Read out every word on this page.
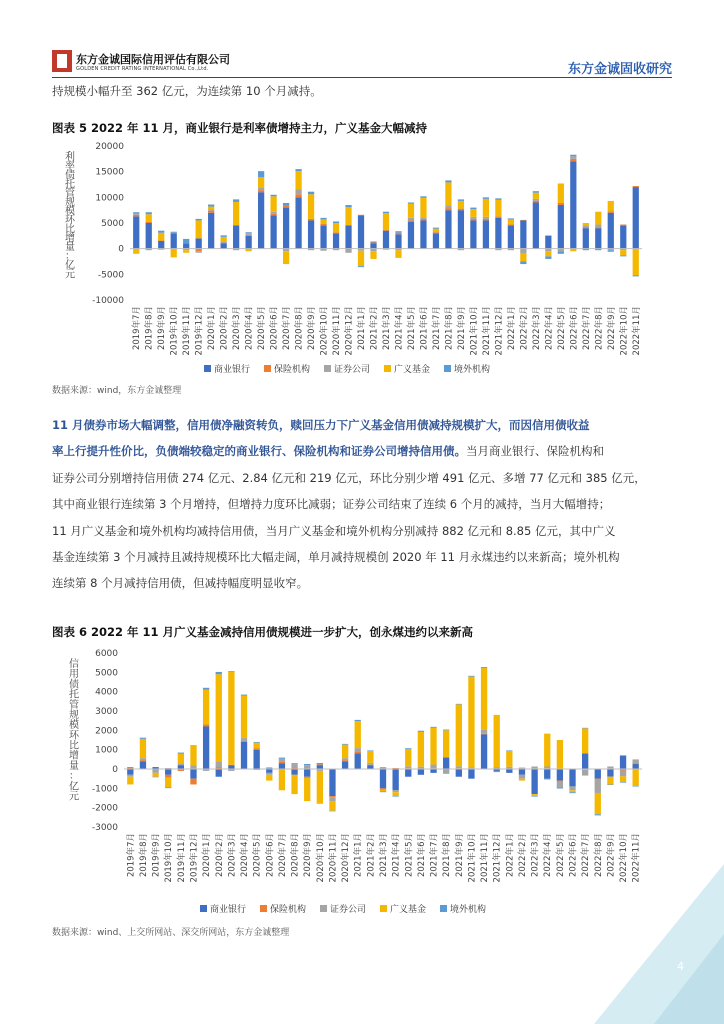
东方金诚国际信用评估有限公司
GOLDEN CREDIT RATING INTERNATIONAL Co.,Ltd.	东方金诚固收研究
持规模小幅升至 362 亿元，为连续第 10 个月减持。
图表 5 2022 年 11 月，商业银行是利率债增持主力，广义基金大幅减持
-10000
-5000
0
5000
10000
15000
20000
利率债托管规模环比增量：亿元
2019年7月 2019年8月 2019年9月 2019年10月 2019年11月 2019年12月 2020年1月 2020年2月 2020年3月 2020年4月 2020年5月 2020年6月 2020年7月 2020年8月 2020年9月 2020年10月 2020年11月 2020年12月 2021年1月 2021年2月 2021年3月 2021年4月 2021年5月 2021年6月 2021年7月 2021年8月 2021年9月 2021年10月 2021年11月 2021年12月 2022年1月 2022年2月 2022年3月 2022年4月 2022年5月 2022年6月 2022年7月 2022年8月 2022年9月 2022年10月 2022年11月
商业银行	保险机构	证券公司	广义基金	境外机构
数据来源：wind，东方金诚整理
11 月债券市场大幅调整，信用债净融资转负，赎回压力下广义基金信用债减持规模扩大，而因信用债收益
率上行提升性价比，负债端较稳定的商业银行、保险机构和证券公司增持信用债。当月商业银行、保险机构和
证券公司分别增持信用债 274 亿元、2.84 亿元和 219 亿元，环比分别少增 491 亿元、多增 77 亿元和 385 亿元，
其中商业银行连续第 3 个月增持，但增持力度环比减弱；证券公司结束了连续 6 个月的减持，当月大幅增持；
11 月广义基金和境外机构均减持信用债，当月广义基金和境外机构分别减持 882 亿元和 8.85 亿元，其中广义
基金连续第 3 个月减持且减持规模环比大幅走阔，单月减持规模创 2020 年 11 月永煤违约以来新高；境外机构
连续第 8 个月减持信用债，但减持幅度明显收窄。
图表 6 2022 年 11 月广义基金减持信用债规模进一步扩大，创永煤违约以来新高
-3000
-2000
-1000
0
1000
2000
3000
4000
5000
6000
信用债托管规模环比增量：亿元
2019年7月 2019年8月 2019年9月 2019年10月 2019年11月 2019年12月 2020年1月 2020年2月 2020年3月 2020年4月 2020年5月 2020年6月 2020年7月 2020年8月 2020年9月 2020年10月 2020年11月 2020年12月 2021年1月 2021年2月 2021年3月 2021年4月 2021年5月 2021年6月 2021年7月 2021年8月 2021年9月 2021年10月 2021年11月 2021年12月 2022年1月 2022年2月 2022年3月 2022年4月 2022年5月 2022年6月 2022年7月 2022年8月 2022年9月 2022年10月 2022年11月
商业银行	保险机构	证券公司	广义基金	境外机构
数据来源：wind、上交所网站、深交所网站，东方金诚整理
4
